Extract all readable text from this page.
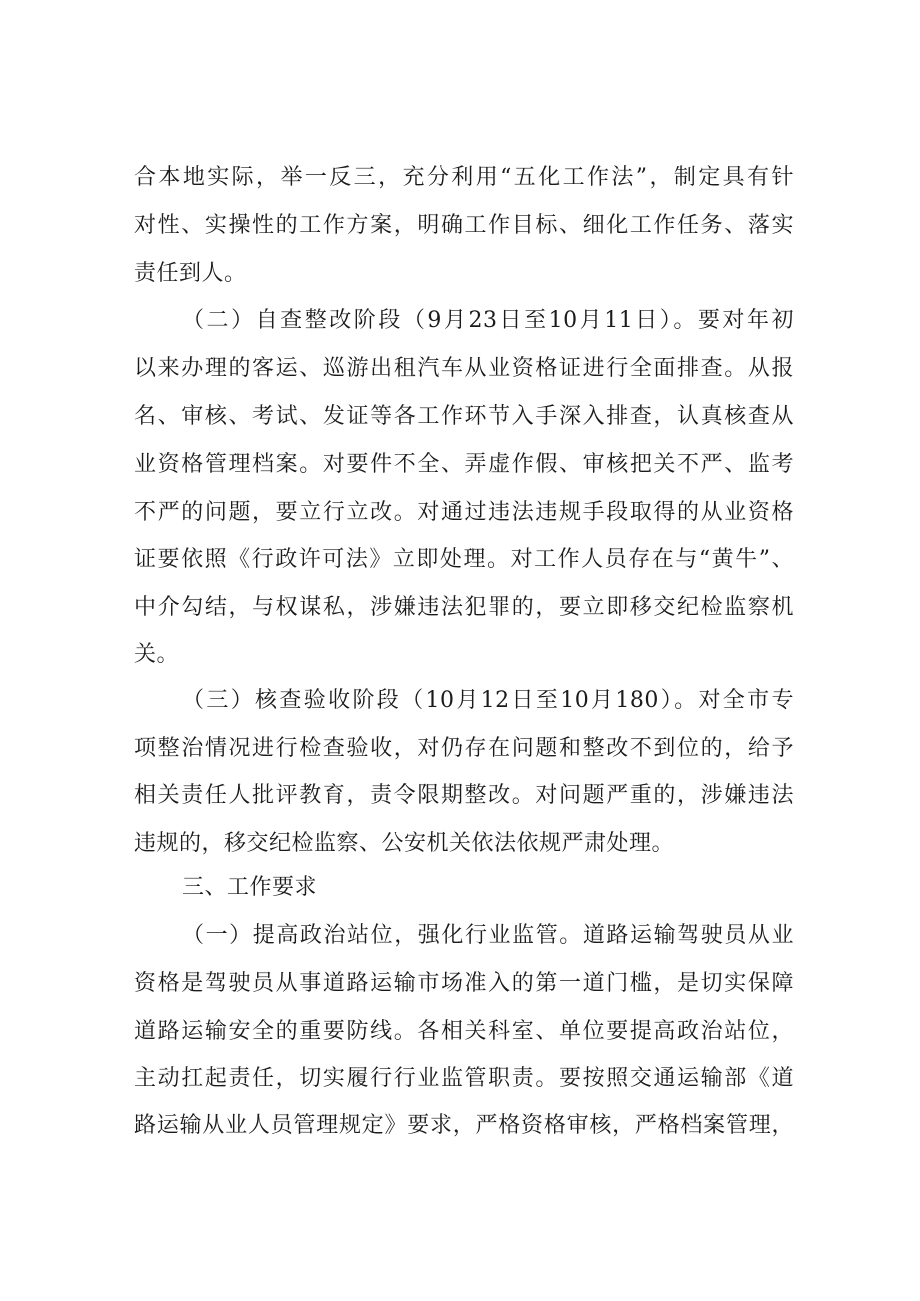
合本地实际，举一反三，充分利用“五化工作法”，制定具有针
对性、实操性的工作方案，明确工作目标、细化工作任务、落实
责任到人。
（二）自查整改阶段（9月23日至10月11日）。要对年初
以来办理的客运、巡游出租汽车从业资格证进行全面排查。从报
名、审核、考试、发证等各工作环节入手深入排查，认真核查从
业资格管理档案。对要件不全、弄虚作假、审核把关不严、监考
不严的问题，要立行立改。对通过违法违规手段取得的从业资格
证要依照《行政许可法》立即处理。对工作人员存在与“黄牛”、
中介勾结，与权谋私，涉嫌违法犯罪的，要立即移交纪检监察机
关。
（三）核查验收阶段（10月12日至10月180）。对全市专
项整治情况进行检查验收，对仍存在问题和整改不到位的，给予
相关责任人批评教育，责令限期整改。对问题严重的，涉嫌违法
违规的，移交纪检监察、公安机关依法依规严肃处理。
三、工作要求
（一）提高政治站位，强化行业监管。道路运输驾驶员从业
资格是驾驶员从事道路运输市场准入的第一道门槛，是切实保障
道路运输安全的重要防线。各相关科室、单位要提高政治站位，
主动扛起责任，切实履行行业监管职责。要按照交通运输部《道
路运输从业人员管理规定》要求，严格资格审核，严格档案管理，
